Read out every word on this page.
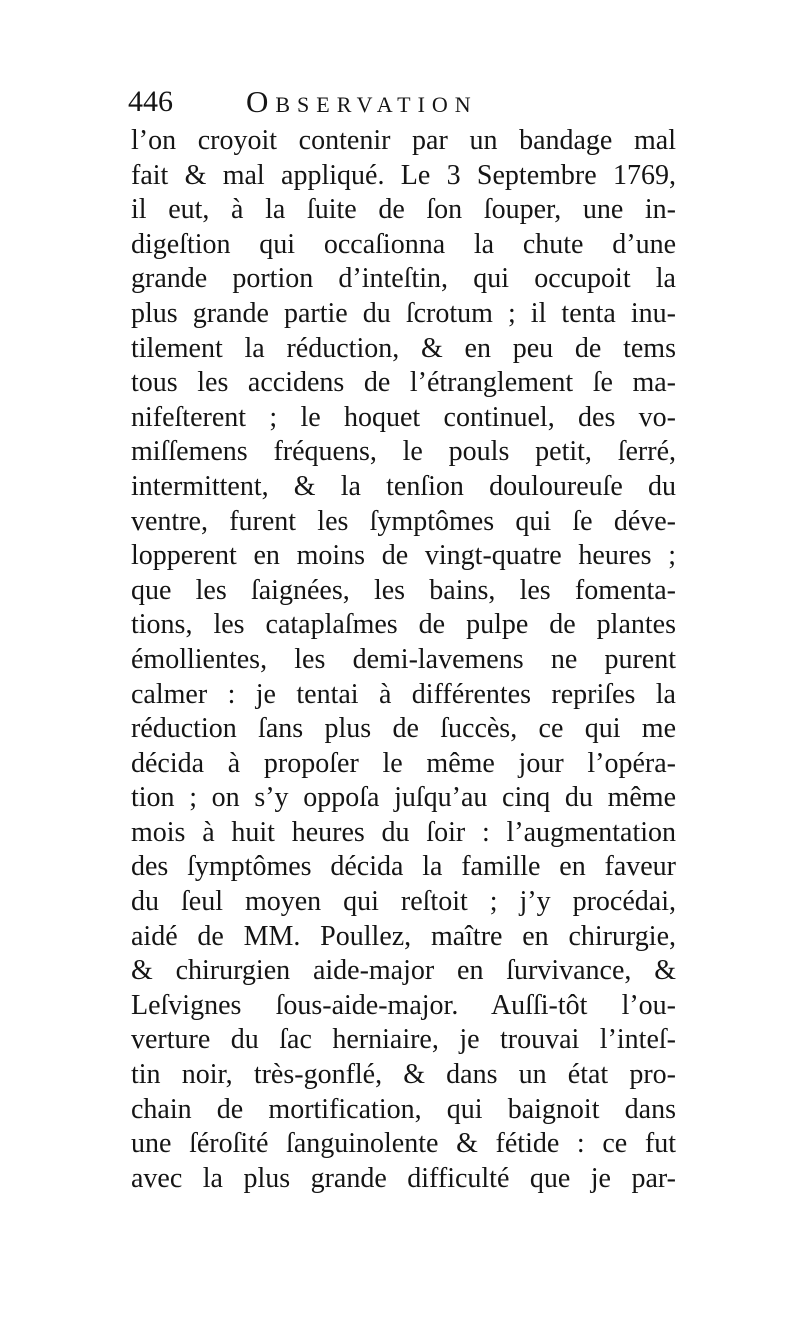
446 Observation
l’on croyoit contenir par un bandage mal
fait & mal appliqué. Le 3 Septembre 1769,
il eut, à la ſuite de ſon ſouper, une in-
digeſtion qui occaſionna la chute d’une
grande portion d’inteſtin, qui occupoit la
plus grande partie du ſcrotum ; il tenta inu-
tilement la réduction, & en peu de tems
tous les accidens de l’étranglement ſe ma-
nifeſterent ; le hoquet continuel, des vo-
miſſemens fréquens, le pouls petit, ſerré,
intermittent, & la tenſion douloureuſe du
ventre, furent les ſymptômes qui ſe déve-
lopperent en moins de vingt-quatre heures ;
que les ſaignées, les bains, les fomenta-
tions, les cataplaſmes de pulpe de plantes
émollientes, les demi-lavemens ne purent
calmer : je tentai à différentes repriſes la
réduction ſans plus de ſuccès, ce qui me
décida à propoſer le même jour l’opéra-
tion ; on s’y oppoſa juſqu’au cinq du même
mois à huit heures du ſoir : l’augmentation
des ſymptômes décida la famille en faveur
du ſeul moyen qui reſtoit ; j’y procédai,
aidé de MM. Poullez, maître en chirurgie,
& chirurgien aide-major en ſurvivance, &
Leſvignes ſous-aide-major. Auſſi-tôt l’ou-
verture du ſac herniaire, je trouvai l’inteſ-
tin noir, très-gonflé, & dans un état pro-
chain de mortification, qui baignoit dans
une ſéroſité ſanguinolente & fétide : ce fut
avec la plus grande difficulté que je par-
